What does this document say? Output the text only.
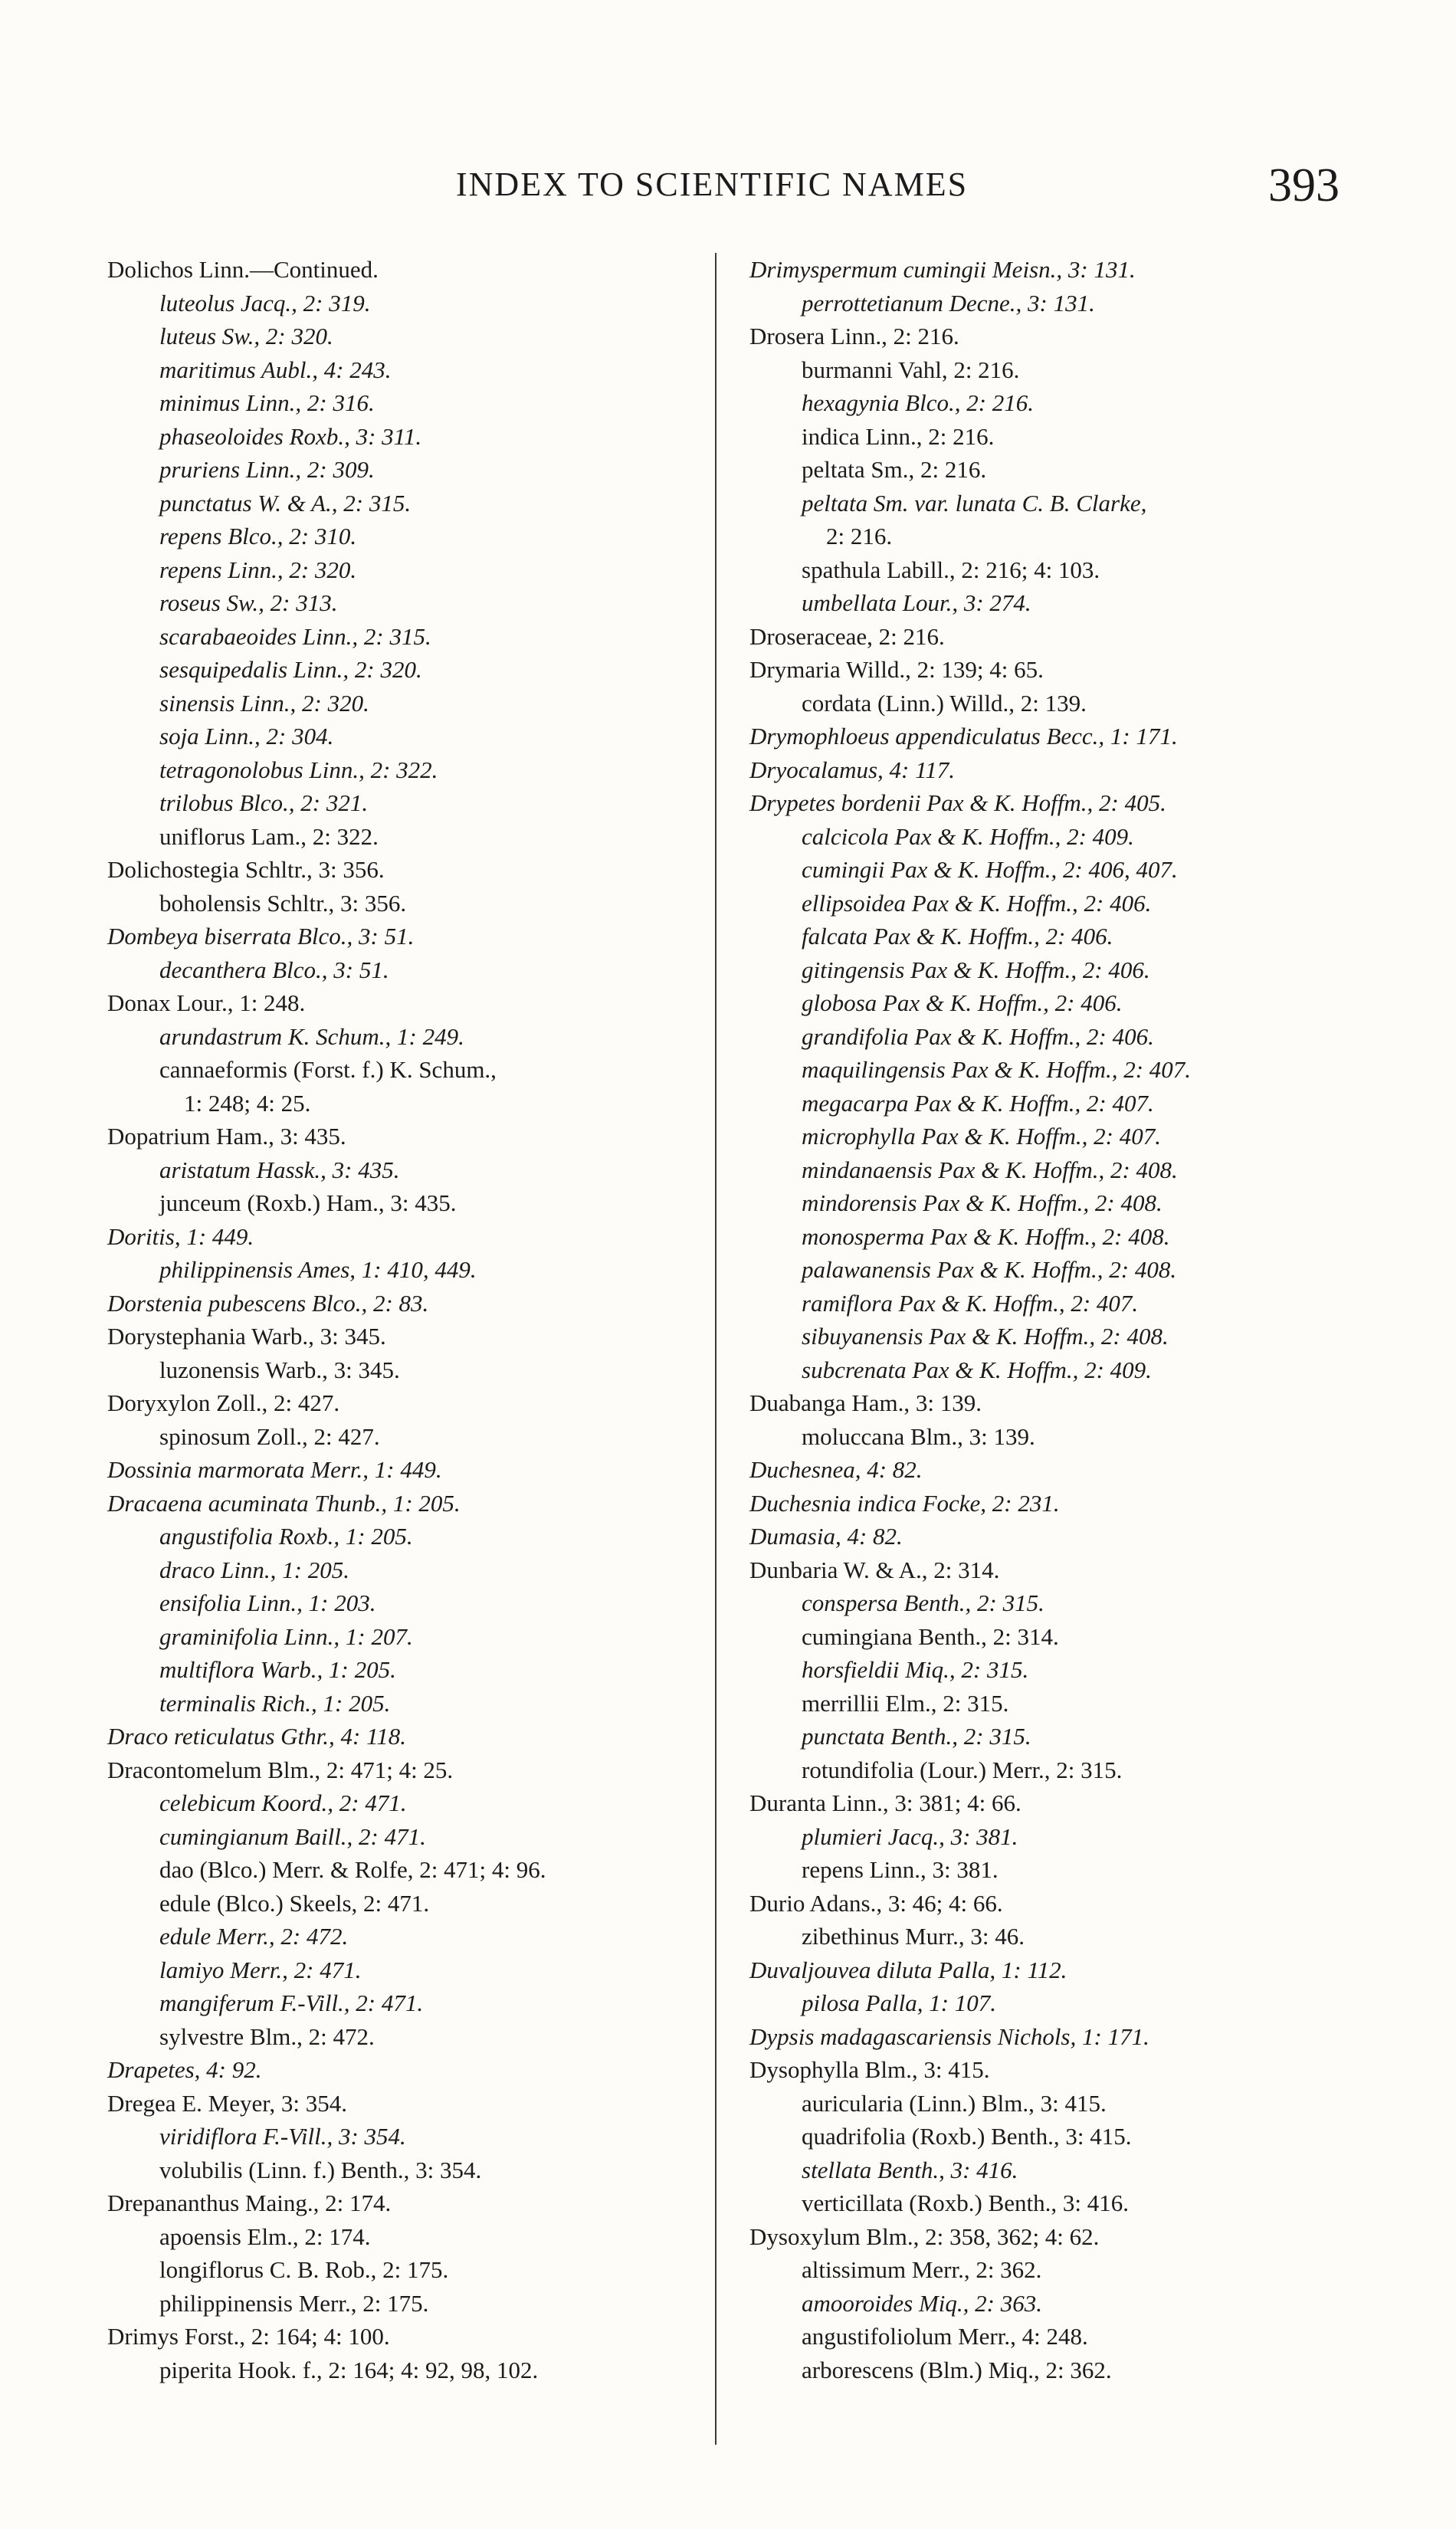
INDEX TO SCIENTIFIC NAMES	393
Dolichos Linn.—Continued.
luteolus Jacq., 2: 319.
luteus Sw., 2: 320.
maritimus Aubl., 4: 243.
minimus Linn., 2: 316.
phaseoloides Roxb., 3: 311.
pruriens Linn., 2: 309.
punctatus W. & A., 2: 315.
repens Blco., 2: 310.
repens Linn., 2: 320.
roseus Sw., 2: 313.
scarabaeoides Linn., 2: 315.
sesquipedalis Linn., 2: 320.
sinensis Linn., 2: 320.
soja Linn., 2: 304.
tetragonolobus Linn., 2: 322.
trilobus Blco., 2: 321.
uniflorus Lam., 2: 322.
Dolichostegia Schltr., 3: 356.
boholensis Schltr., 3: 356.
Dombeya biserrata Blco., 3: 51.
decanthera Blco., 3: 51.
Donax Lour., 1: 248.
arundastrum K. Schum., 1: 249.
cannaeformis (Forst. f.) K. Schum.,
1: 248; 4: 25.
Dopatrium Ham., 3: 435.
aristatum Hassk., 3: 435.
junceum (Roxb.) Ham., 3: 435.
Doritis, 1: 449.
philippinensis Ames, 1: 410, 449.
Dorstenia pubescens Blco., 2: 83.
Dorystephania Warb., 3: 345.
luzonensis Warb., 3: 345.
Doryxylon Zoll., 2: 427.
spinosum Zoll., 2: 427.
Dossinia marmorata Merr., 1: 449.
Dracaena acuminata Thunb., 1: 205.
angustifolia Roxb., 1: 205.
draco Linn., 1: 205.
ensifolia Linn., 1: 203.
graminifolia Linn., 1: 207.
multiflora Warb., 1: 205.
terminalis Rich., 1: 205.
Draco reticulatus Gthr., 4: 118.
Dracontomelum Blm., 2: 471; 4: 25.
celebicum Koord., 2: 471.
cumingianum Baill., 2: 471.
dao (Blco.) Merr. & Rolfe, 2: 471; 4: 96.
edule (Blco.) Skeels, 2: 471.
edule Merr., 2: 472.
lamiyo Merr., 2: 471.
mangiferum F.-Vill., 2: 471.
sylvestre Blm., 2: 472.
Drapetes, 4: 92.
Dregea E. Meyer, 3: 354.
viridiflora F.-Vill., 3: 354.
volubilis (Linn. f.) Benth., 3: 354.
Drepananthus Maing., 2: 174.
apoensis Elm., 2: 174.
longiflorus C. B. Rob., 2: 175.
philippinensis Merr., 2: 175.
Drimys Forst., 2: 164; 4: 100.
piperita Hook. f., 2: 164; 4: 92, 98, 102.
Drimyspermum cumingii Meisn., 3: 131.
perrottetianum Decne., 3: 131.
Drosera Linn., 2: 216.
burmanni Vahl, 2: 216.
hexagynia Blco., 2: 216.
indica Linn., 2: 216.
peltata Sm., 2: 216.
peltata Sm. var. lunata C. B. Clarke,
2: 216.
spathula Labill., 2: 216; 4: 103.
umbellata Lour., 3: 274.
Droseraceae, 2: 216.
Drymaria Willd., 2: 139; 4: 65.
cordata (Linn.) Willd., 2: 139.
Drymophloeus appendiculatus Becc., 1: 171.
Dryocalamus, 4: 117.
Drypetes bordenii Pax & K. Hoffm., 2: 405.
calcicola Pax & K. Hoffm., 2: 409.
cumingii Pax & K. Hoffm., 2: 406, 407.
ellipsoidea Pax & K. Hoffm., 2: 406.
falcata Pax & K. Hoffm., 2: 406.
gitingensis Pax & K. Hoffm., 2: 406.
globosa Pax & K. Hoffm., 2: 406.
grandifolia Pax & K. Hoffm., 2: 406.
maquilingensis Pax & K. Hoffm., 2: 407.
megacarpa Pax & K. Hoffm., 2: 407.
microphylla Pax & K. Hoffm., 2: 407.
mindanaensis Pax & K. Hoffm., 2: 408.
mindorensis Pax & K. Hoffm., 2: 408.
monosperma Pax & K. Hoffm., 2: 408.
palawanensis Pax & K. Hoffm., 2: 408.
ramiflora Pax & K. Hoffm., 2: 407.
sibuyanensis Pax & K. Hoffm., 2: 408.
subcrenata Pax & K. Hoffm., 2: 409.
Duabanga Ham., 3: 139.
moluccana Blm., 3: 139.
Duchesnea, 4: 82.
Duchesnia indica Focke, 2: 231.
Dumasia, 4: 82.
Dunbaria W. & A., 2: 314.
conspersa Benth., 2: 315.
cumingiana Benth., 2: 314.
horsfieldii Miq., 2: 315.
merrillii Elm., 2: 315.
punctata Benth., 2: 315.
rotundifolia (Lour.) Merr., 2: 315.
Duranta Linn., 3: 381; 4: 66.
plumieri Jacq., 3: 381.
repens Linn., 3: 381.
Durio Adans., 3: 46; 4: 66.
zibethinus Murr., 3: 46.
Duvaljouvea diluta Palla, 1: 112.
pilosa Palla, 1: 107.
Dypsis madagascariensis Nichols, 1: 171.
Dysophylla Blm., 3: 415.
auricularia (Linn.) Blm., 3: 415.
quadrifolia (Roxb.) Benth., 3: 415.
stellata Benth., 3: 416.
verticillata (Roxb.) Benth., 3: 416.
Dysoxylum Blm., 2: 358, 362; 4: 62.
altissimum Merr., 2: 362.
amooroides Miq., 2: 363.
angustifoliolum Merr., 4: 248.
arborescens (Blm.) Miq., 2: 362.
